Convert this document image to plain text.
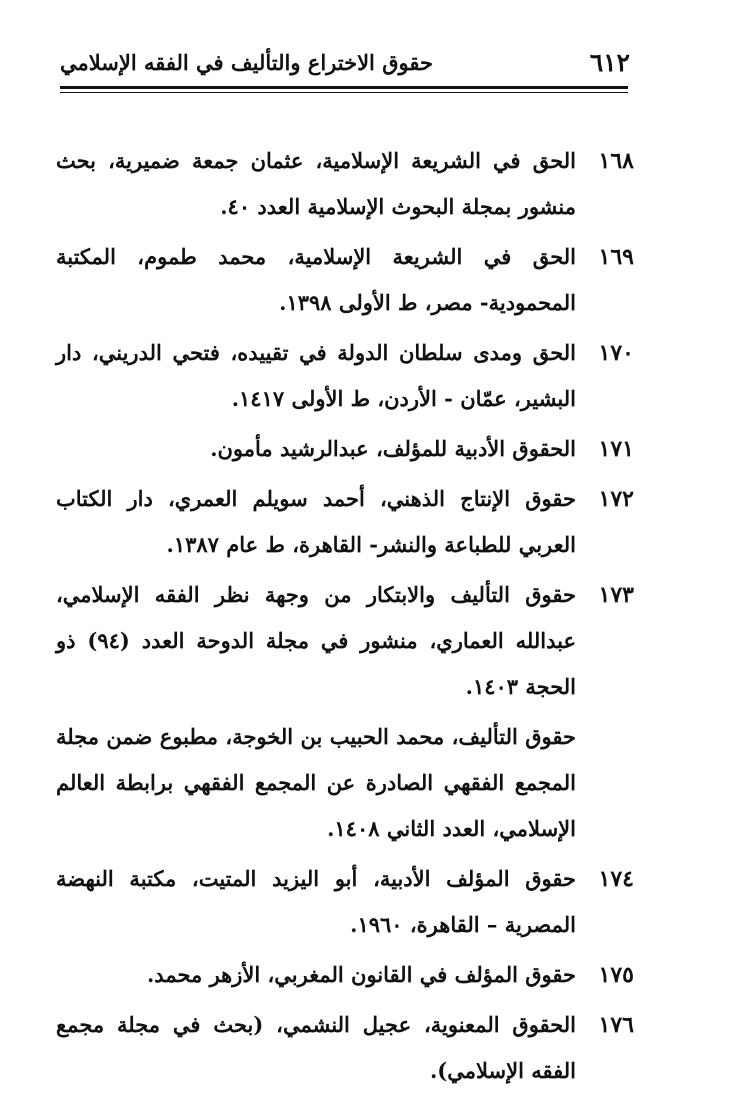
٦١٢
حقوق الاختراع والتأليف في الفقه الإسلامي
١٦٨
الحق في الشريعة الإسلامية، عثمان جمعة ضميرية، بحث منشور بمجلة البحوث الإسلامية العدد ٤٠.
١٦٩
الحق في الشريعة الإسلامية، محمد طموم، المكتبة المحمودية- مصر، ط الأولى ١٣٩٨.
١٧٠
الحق ومدى سلطان الدولة في تقييده، فتحي الدريني، دار البشير، عمّان - الأردن، ط الأولى ١٤١٧.
١٧١
الحقوق الأدبية للمؤلف، عبدالرشيد مأمون.
١٧٢
حقوق الإنتاج الذهني، أحمد سويلم العمري، دار الكتاب العربي للطباعة والنشر- القاهرة، ط عام ١٣٨٧.
١٧٣
حقوق التأليف والابتكار من وجهة نظر الفقه الإسلامي، عبدالله العماري، منشور في مجلة الدوحة العدد (٩٤) ذو الحجة ١٤٠٣.
حقوق التأليف، محمد الحبيب بن الخوجة، مطبوع ضمن مجلة المجمع الفقهي الصادرة عن المجمع الفقهي برابطة العالم الإسلامي، العدد الثاني ١٤٠٨.
١٧٤
حقوق المؤلف الأدبية، أبو اليزيد المتيت، مكتبة النهضة المصرية – القاهرة، ١٩٦٠.
١٧٥
حقوق المؤلف في القانون المغربي، الأزهر محمد.
١٧٦
الحقوق المعنوية، عجيل النشمي، (بحث في مجلة مجمع الفقه الإسلامي).
